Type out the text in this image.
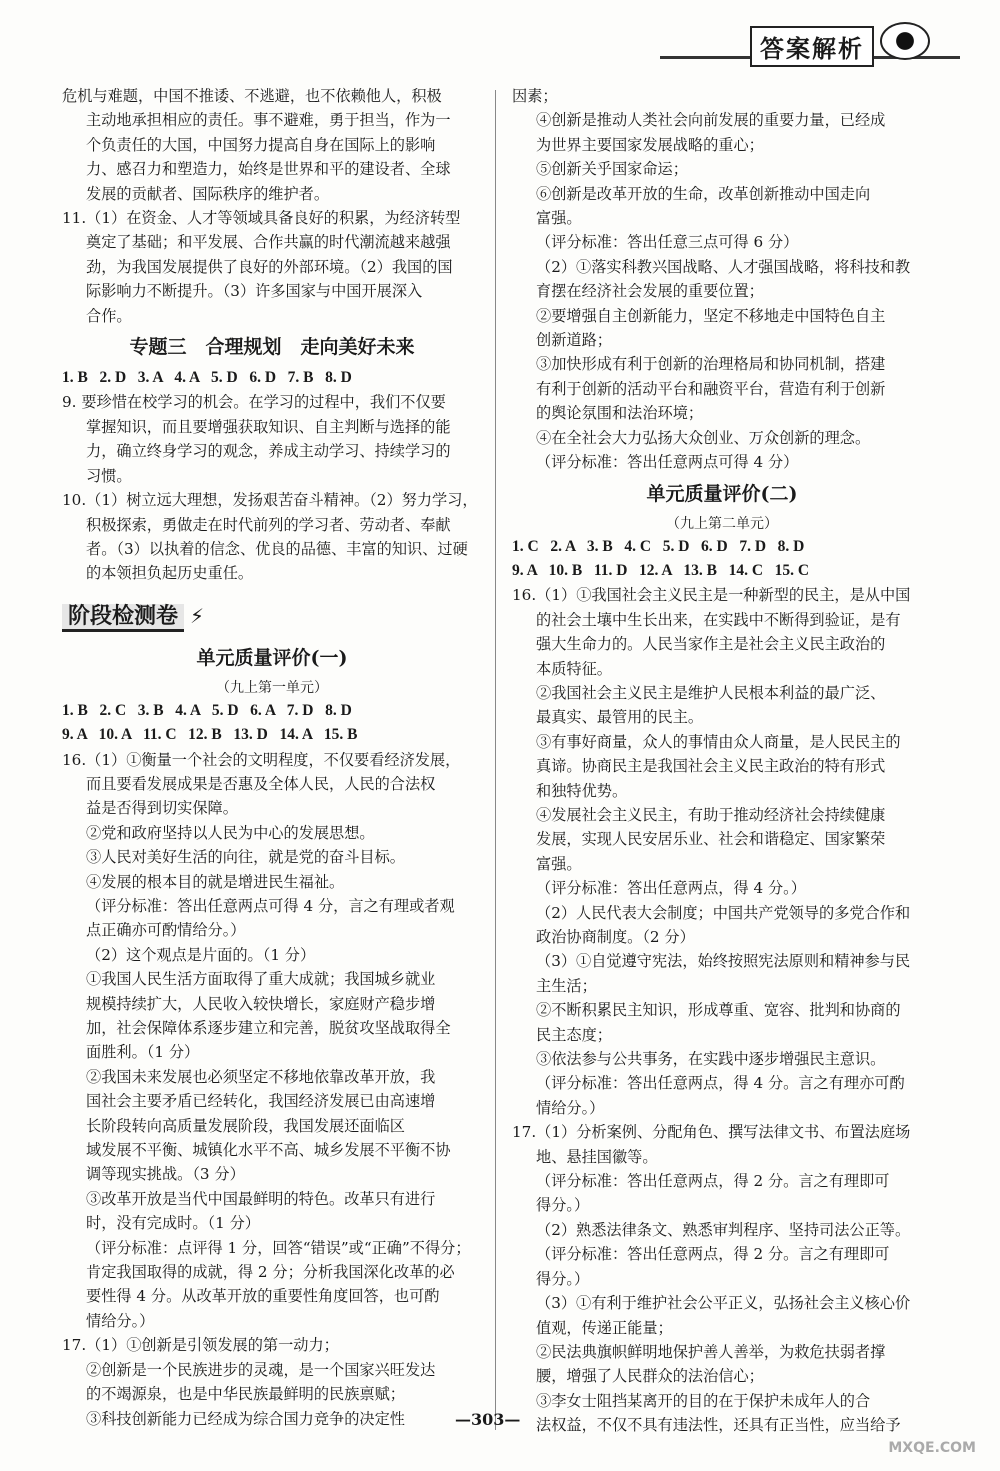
答案解析

危机与难题，中国不推诿、不逃避，也不依赖他人，积极

主动地承担相应的责任。事不避难，勇于担当，作为一

个负责任的大国，中国努力提高自身在国际上的影响

力、感召力和塑造力，始终是世界和平的建设者、全球

发展的贡献者、国际秩序的维护者。

11.（1）在资金、人才等领域具备良好的积累，为经济转型

奠定了基础；和平发展、合作共赢的时代潮流越来越强

劲，为我国发展提供了良好的外部环境。（2）我国的国

际影响力不断提升。（3）许多国家与中国开展深入

合作。

专题三　合理规划　走向美好未来
1. B   2. D   3. A   4. A   5. D   6. D   7. B   8. D

9. 要珍惜在校学习的机会。在学习的过程中，我们不仅要

掌握知识，而且要增强获取知识、自主判断与选择的能

力，确立终身学习的观念，养成主动学习、持续学习的

习惯。

10.（1）树立远大理想，发扬艰苦奋斗精神。（2）努力学习，

积极探索，勇做走在时代前列的学习者、劳动者、奉献

者。（3）以执着的信念、优良的品德、丰富的知识、过硬

的本领担负起历史重任。

阶段检测卷 ⚡
单元质量评价(一)
（九上第一单元）
1. B   2. C   3. B   4. A   5. D   6. A   7. D   8. D
9. A   10. A   11. C   12. B   13. D   14. A   15. B

16.（1）①衡量一个社会的文明程度，不仅要看经济发展，

而且要看发展成果是否惠及全体人民，人民的合法权

益是否得到切实保障。

②党和政府坚持以人民为中心的发展思想。

③人民对美好生活的向往，就是党的奋斗目标。

④发展的根本目的就是增进民生福祉。

（评分标准：答出任意两点可得 4 分，言之有理或者观

点正确亦可酌情给分。）

（2）这个观点是片面的。（1 分）

①我国人民生活方面取得了重大成就；我国城乡就业

规模持续扩大，人民收入较快增长，家庭财产稳步增

加，社会保障体系逐步建立和完善，脱贫攻坚战取得全

面胜利。（1 分）

②我国未来发展也必须坚定不移地依靠改革开放，我

国社会主要矛盾已经转化，我国经济发展已由高速增

长阶段转向高质量发展阶段，我国发展还面临区

域发展不平衡、城镇化水平不高、城乡发展不平衡不协

调等现实挑战。（3 分）

③改革开放是当代中国最鲜明的特色。改革只有进行

时，没有完成时。（1 分）

（评分标准：点评得 1 分，回答“错误”或“正确”不得分；

肯定我国取得的成就，得 2 分；分析我国深化改革的必

要性得 4 分。从改革开放的重要性角度回答，也可酌

情给分。）

17.（1）①创新是引领发展的第一动力；

②创新是一个民族进步的灵魂，是一个国家兴旺发达

的不竭源泉，也是中华民族最鲜明的民族禀赋；

③科技创新能力已经成为综合国力竞争的决定性

因素；

④创新是推动人类社会向前发展的重要力量，已经成

为世界主要国家发展战略的重心；

⑤创新关乎国家命运；

⑥创新是改革开放的生命，改革创新推动中国走向

富强。

（评分标准：答出任意三点可得 6 分）

（2）①落实科教兴国战略、人才强国战略，将科技和教

育摆在经济社会发展的重要位置；

②要增强自主创新能力，坚定不移地走中国特色自主

创新道路；

③加快形成有利于创新的治理格局和协同机制，搭建

有利于创新的活动平台和融资平台，营造有利于创新

的舆论氛围和法治环境；

④在全社会大力弘扬大众创业、万众创新的理念。

（评分标准：答出任意两点可得 4 分）

单元质量评价(二)
（九上第二单元）
1. C   2. A   3. B   4. C   5. D   6. D   7. D   8. D
9. A   10. B   11. D   12. A   13. B   14. C   15. C

16.（1）①我国社会主义民主是一种新型的民主，是从中国

的社会土壤中生长出来，在实践中不断得到验证，是有

强大生命力的。人民当家作主是社会主义民主政治的

本质特征。

②我国社会主义民主是维护人民根本利益的最广泛、

最真实、最管用的民主。

③有事好商量，众人的事情由众人商量，是人民民主的

真谛。协商民主是我国社会主义民主政治的特有形式

和独特优势。

④发展社会主义民主，有助于推动经济社会持续健康

发展，实现人民安居乐业、社会和谐稳定、国家繁荣

富强。

（评分标准：答出任意两点，得 4 分。）

（2）人民代表大会制度；中国共产党领导的多党合作和

政治协商制度。（2 分）

（3）①自觉遵守宪法，始终按照宪法原则和精神参与民

主生活；

②不断积累民主知识，形成尊重、宽容、批判和协商的

民主态度；

③依法参与公共事务，在实践中逐步增强民主意识。

（评分标准：答出任意两点，得 4 分。言之有理亦可酌

情给分。）

17.（1）分析案例、分配角色、撰写法律文书、布置法庭场

地、悬挂国徽等。

（评分标准：答出任意两点，得 2 分。言之有理即可

得分。）

（2）熟悉法律条文、熟悉审判程序、坚持司法公正等。

（评分标准：答出任意两点，得 2 分。言之有理即可

得分。）

（3）①有利于维护社会公平正义，弘扬社会主义核心价

值观，传递正能量；

②民法典旗帜鲜明地保护善人善举，为救危扶弱者撑

腰，增强了人民群众的法治信心；

③李女士阻挡某离开的目的在于保护未成年人的合

法权益，不仅不具有违法性，还具有正当性，应当给予

—303—
MXQE.COM
